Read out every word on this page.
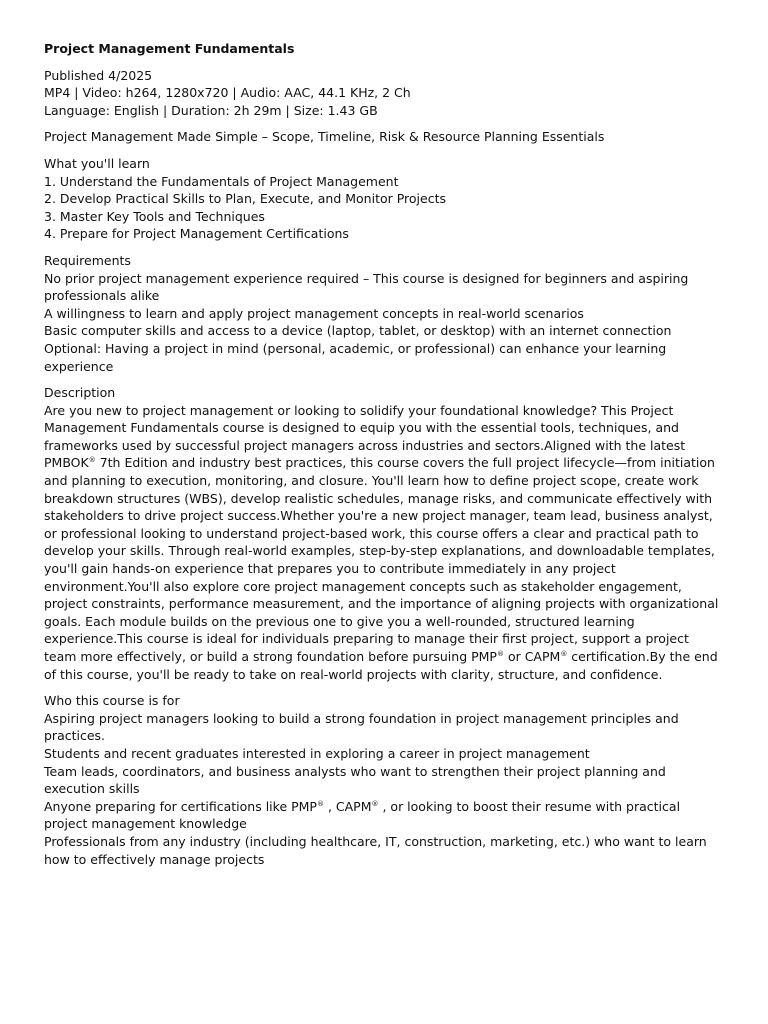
Project Management Fundamentals
Published 4/2025
MP4 | Video: h264, 1280x720 | Audio: AAC, 44.1 KHz, 2 Ch
Language: English | Duration: 2h 29m | Size: 1.43 GB
Project Management Made Simple – Scope, Timeline, Risk & Resource Planning Essentials
What you'll learn
1. Understand the Fundamentals of Project Management
2. Develop Practical Skills to Plan, Execute, and Monitor Projects
3. Master Key Tools and Techniques
4. Prepare for Project Management Certifications
Requirements
No prior project management experience required – This course is designed for beginners and aspiring professionals alike
A willingness to learn and apply project management concepts in real-world scenarios
Basic computer skills and access to a device (laptop, tablet, or desktop) with an internet connection
Optional: Having a project in mind (personal, academic, or professional) can enhance your learning experience
Description

Are you new to project management or looking to solidify your foundational knowledge? This Project Management Fundamentals course is designed to equip you with the essential tools, techniques, and frameworks used by successful project managers across industries and sectors.Aligned with the latest PMBOK® 7th Edition and industry best practices, this course covers the full project lifecycle—from initiation and planning to execution, monitoring, and closure. You'll learn how to define project scope, create work breakdown structures (WBS), develop realistic schedules, manage risks, and communicate effectively with stakeholders to drive project success.Whether you're a new project manager, team lead, business analyst, or professional looking to understand project-based work, this course offers a clear and practical path to develop your skills. Through real-world examples, step-by-step explanations, and downloadable templates, you'll gain hands-on experience that prepares you to contribute immediately in any project environment.You'll also explore core project management concepts such as stakeholder engagement, project constraints, performance measurement, and the importance of aligning projects with organizational goals. Each module builds on the previous one to give you a well-rounded, structured learning experience.This course is ideal for individuals preparing to manage their first project, support a project team more effectively, or build a strong foundation before pursuing PMP® or CAPM® certification.By the end of this course, you'll be ready to take on real-world projects with clarity, structure, and confidence.

Who this course is for
Aspiring project managers looking to build a strong foundation in project management principles and practices.
Students and recent graduates interested in exploring a career in project management
Team leads, coordinators, and business analysts who want to strengthen their project planning and execution skills
Anyone preparing for certifications like PMP® , CAPM® , or looking to boost their resume with practical project management knowledge
Professionals from any industry (including healthcare, IT, construction, marketing, etc.) who want to learn how to effectively manage projects
